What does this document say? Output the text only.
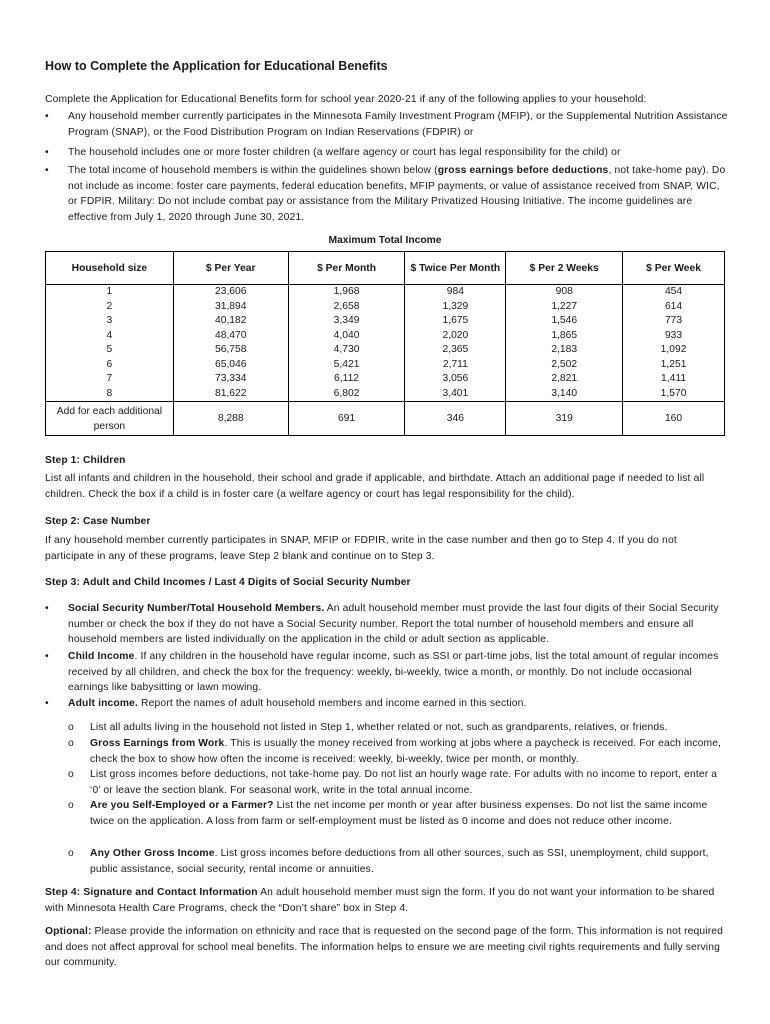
How to Complete the Application for Educational Benefits
Complete the Application for Educational Benefits form for school year 2020-21 if any of the following applies to your household:
•	Any household member currently participates in the Minnesota Family Investment Program (MFIP), or the Supplemental Nutrition Assistance Program (SNAP), or the Food Distribution Program on Indian Reservations (FDPIR) or
•	The household includes one or more foster children (a welfare agency or court has legal responsibility for the child) or
•	The total income of household members is within the guidelines shown below (gross earnings before deductions, not take-home pay). Do not include as income: foster care payments, federal education benefits, MFIP payments, or value of assistance received from SNAP, WIC, or FDPIR. Military: Do not include combat pay or assistance from the Military Privatized Housing Initiative. The income guidelines are effective from July 1, 2020 through June 30, 2021.
Maximum Total Income
Household size	$ Per Year	$ Per Month	$ Twice Per Month	$ Per 2 Weeks	$ Per Week
1	23,606	1,968	984	908	454
2	31,894	2,658	1,329	1,227	614
3	40,182	3,349	1,675	1,546	773
4	48,470	4,040	2,020	1,865	933
5	56,758	4,730	2,365	2,183	1,092
6	65,046	5,421	2,711	2,502	1,251
7	73,334	6,112	3,056	2,821	1,411
8	81,622	6,802	3,401	3,140	1,570
Add for each additional person	8,288	691	346	319	160
Step 1: Children
List all infants and children in the household, their school and grade if applicable, and birthdate. Attach an additional page if needed to list all children. Check the box if a child is in foster care (a welfare agency or court has legal responsibility for the child).
Step 2: Case Number
If any household member currently participates in SNAP, MFIP or FDPIR, write in the case number and then go to Step 4. If you do not participate in any of these programs, leave Step 2 blank and continue on to Step 3.
Step 3: Adult and Child Incomes / Last 4 Digits of Social Security Number
•	Social Security Number/Total Household Members. An adult household member must provide the last four digits of their Social Security number or check the box if they do not have a Social Security number. Report the total number of household members and ensure all household members are listed individually on the application in the child or adult section as applicable.
•	Child Income. If any children in the household have regular income, such as SSI or part-time jobs, list the total amount of regular incomes received by all children, and check the box for the frequency: weekly, bi-weekly, twice a month, or monthly. Do not include occasional earnings like babysitting or lawn mowing.
•	Adult income. Report the names of adult household members and income earned in this section.
o List all adults living in the household not listed in Step 1, whether related or not, such as grandparents, relatives, or friends.
o Gross Earnings from Work. This is usually the money received from working at jobs where a paycheck is received. For each income, check the box to show how often the income is received: weekly, bi-weekly, twice per month, or monthly.
o List gross incomes before deductions, not take-home pay. Do not list an hourly wage rate. For adults with no income to report, enter a ‘0’ or leave the section blank. For seasonal work, write in the total annual income.
o Are you Self-Employed or a Farmer? List the net income per month or year after business expenses. Do not list the same income twice on the application. A loss from farm or self-employment must be listed as 0 income and does not reduce other income.
o Any Other Gross Income. List gross incomes before deductions from all other sources, such as SSI, unemployment, child support, public assistance, social security, rental income or annuities.
Step 4: Signature and Contact Information An adult household member must sign the form. If you do not want your information to be shared with Minnesota Health Care Programs, check the “Don’t share” box in Step 4.
Optional: Please provide the information on ethnicity and race that is requested on the second page of the form. This information is not required and does not affect approval for school meal benefits. The information helps to ensure we are meeting civil rights requirements and fully serving our community.
